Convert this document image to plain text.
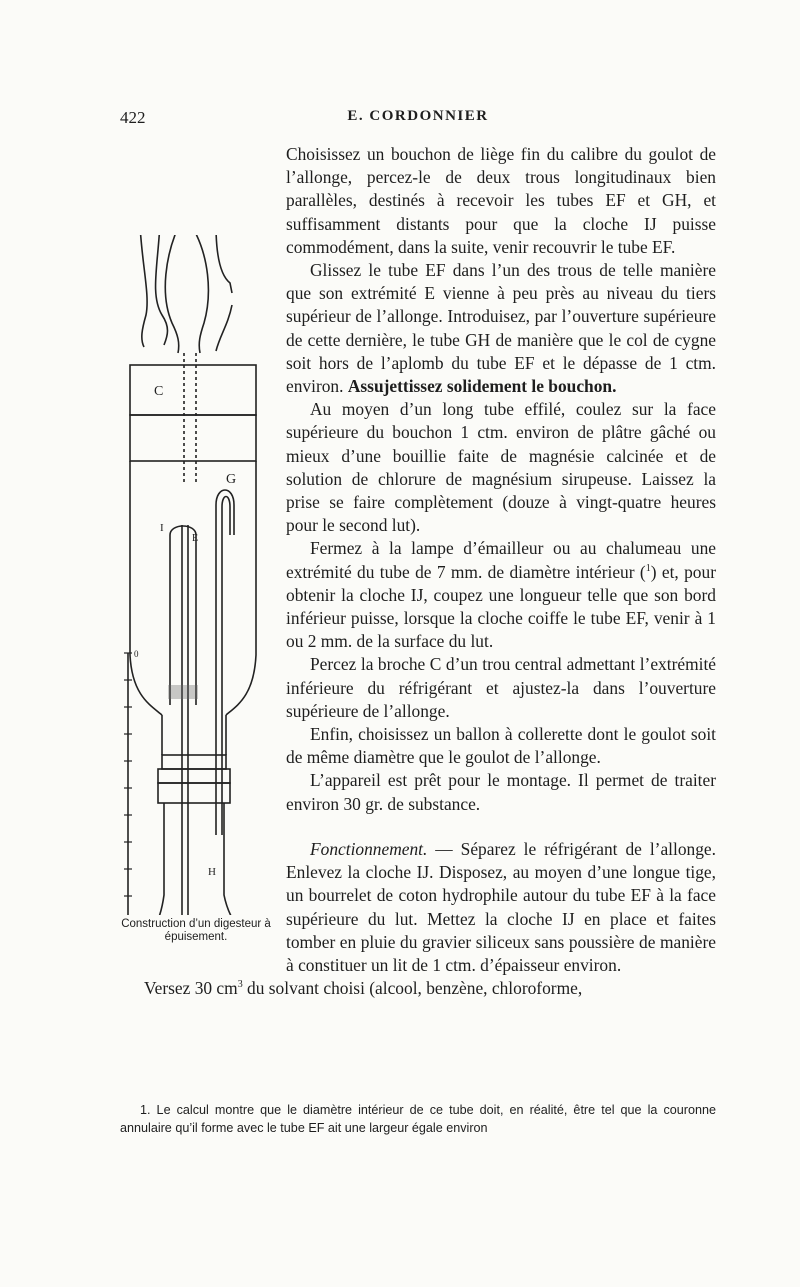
422	E. CORDONNIER
C
G
I
E
H
0
Construction d’un digesteur à épuisement.

Choisissez un bouchon de liège fin du calibre du goulot de l’allonge, percez-le de deux trous longitudinaux bien parallèles, destinés à recevoir les tubes EF et GH, et suffisamment distants pour que la cloche IJ puisse commodément, dans la suite, venir recouvrir le tube EF.

Glissez le tube EF dans l’un des trous de telle manière que son extrémité E vienne à peu près au niveau du tiers supérieur de l’allonge. Introduisez, par l’ouverture supérieure de cette dernière, le tube GH de manière que le col de cygne soit hors de l’aplomb du tube EF et le dépasse de 1 ctm. environ. Assujettissez solidement le bouchon.

Au moyen d’un long tube effilé, coulez sur la face supérieure du bouchon 1 ctm. environ de plâtre gâché ou mieux d’une bouillie faite de magnésie calcinée et de solution de chlorure de magnésium sirupeuse. Laissez la prise se faire complètement (douze à vingt-quatre heures pour le second lut).

Fermez à la lampe d’émailleur ou au chalumeau une extrémité du tube de 7 mm. de diamètre intérieur ($^1$) et, pour obtenir la cloche IJ, coupez une longueur telle que son bord inférieur puisse, lorsque la cloche coiffe le tube EF, venir à 1 ou 2 mm. de la surface du lut.

Percez la broche C d’un trou central admettant l’extrémité inférieure du réfrigérant et ajustez-la dans l’ouverture supérieure de l’allonge.

Enfin, choisissez un ballon à collerette dont le goulot soit de même diamètre que le goulot de l’allonge.

L’appareil est prêt pour le montage. Il permet de traiter environ 30 gr. de substance.

Fonctionnement. — Séparez le réfrigérant de l’allonge. Enlevez la cloche IJ. Disposez, au moyen d’une longue tige, un bourrelet de coton hydrophile autour du tube EF à la face supérieure du lut. Mettez la cloche IJ en place et faites tomber en pluie du gravier siliceux sans poussière de manière à constituer un lit de 1 ctm. d’épaisseur environ.

Versez 30 $cm^3$ du solvant choisi (alcool, benzène, chloroforme,

1. Le calcul montre que le diamètre intérieur de ce tube doit, en réalité, être tel que la couronne annulaire qu’il forme avec le tube EF ait une largeur égale environ
